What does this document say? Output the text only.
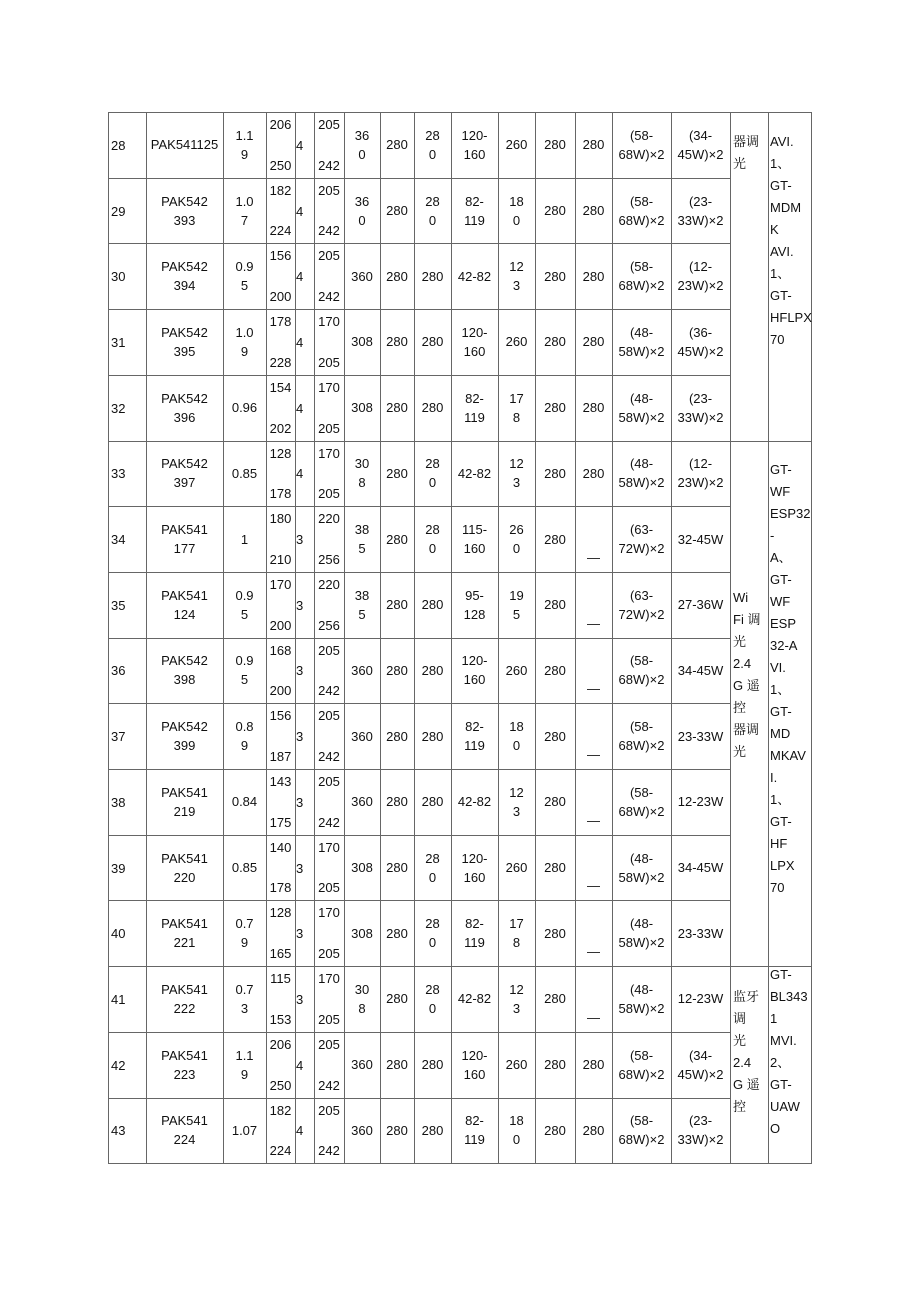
28 PAK541125
1.1
9
206
250
4
205
242
36
0
280
28
0
120-
160
260 280 280
(58-
68W)×2
(34-
45W)×2
29
PAK542
393
1.0
7
182
224
4
205
242
36
0
280
28
0
82-
119
18
0
280 280
(58-
68W)×2
(23-
33W)×2
30
PAK542
394
0.9
5
156
200
4
205
242
360 280 280 42-82
12
3
280 280
(58-
68W)×2
(12-
23W)×2
31
PAK542
395
1.0
9
178
228
4
170
205
308 280 280
120-
160
260 280 280
(48-
58W)×2
(36-
45W)×2
32
PAK542
396
0.96
154
202
4
170
205
308 280 280
82-
119
17
8
280 280
(48-
58W)×2
(23-
33W)×2
33
PAK542
397
0.85
128
178
4
170
205
30
8
280
28
0
42-82
12
3
280 280
(48-
58W)×2
(12-
23W)×2
34
PAK541
177
1
180
210
3
220
256
38
5
280
28
0
115-
160
26
0
280
—
(63-
72W)×2
32-45W
35
PAK541
124
0.9
5
170
200
3
220
256
38
5
280 280
95-
128
19
5
280
—
(63-
72W)×2
27-36W
36
PAK542
398
0.9
5
168
200
3
205
242
360 280 280
120-
160
260 280
—
(58-
68W)×2
34-45W
37
PAK542
399
0.8
9
156
187
3
205
242
360 280 280
82-
119
18
0
280
—
(58-
68W)×2
23-33W
38
PAK541
219
0.84
143
175
3
205
242
360 280 280 42-82
12
3
280
—
(58-
68W)×2
12-23W
39
PAK541
220
0.85
140
178
3
170
205
308 280
28
0
120-
160
260 280
—
(48-
58W)×2
34-45W
40
PAK541
221
0.7
9
128
165
3
170
205
308 280
28
0
82-
119
17
8
280
—
(48-
58W)×2
23-33W
41
PAK541
222
0.7
3
115
153
3
170
205
30
8
280
28
0
42-82
12
3
280
—
(48-
58W)×2
12-23W
42
PAK541
223
1.1
9
206
250
4
205
242
360 280 280
120-
160
260 280 280
(58-
68W)×2
(34-
45W)×2
43
PAK541
224
1.07
182
224
4
205
242
360 280 280
82-
119
18
0
280 280
(58-
68W)×2
(23-
33W)×2
器调
光
AVI.
1、
GT-
MDM
K
AVI.
1、
GT-
HFLPX
70
Wi
Fi 调
光
2.4
G 遥
控
器调
光
GT-
WF
ESP32
-
A、
GT-
WF
ESP
32-A
VI.
1、
GT-
MD
MKAV
I.
1、
GT-
HF
LPX
70
监牙
调
光
2.4
G 遥
控
GT-
BL343
1
MVI.
2、
GT-
UAW
O
